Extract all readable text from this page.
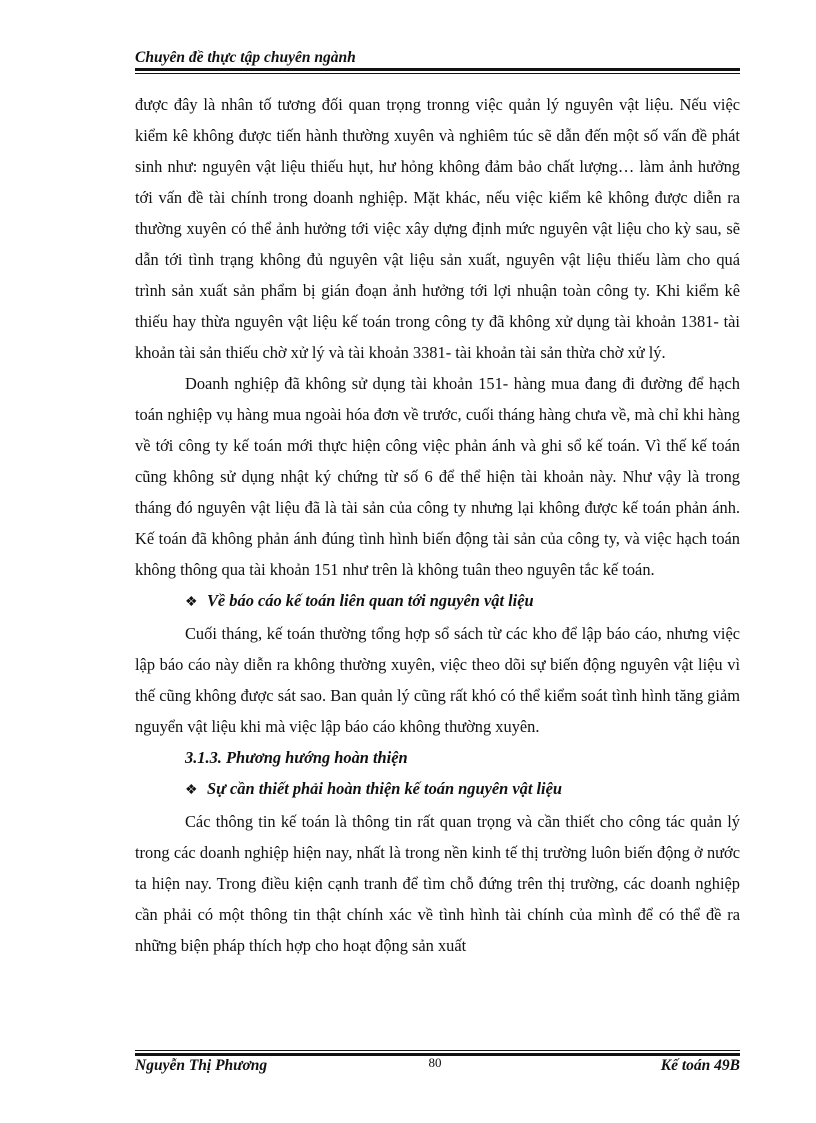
Chuyên đề thực tập chuyên ngành

được đây là nhân tố tương đối quan trọng tronng việc quản lý nguyên vật liệu. Nếu việc kiểm kê không được tiến hành thường xuyên và nghiêm túc sẽ dẫn đến một số vấn đề phát sinh như: nguyên vật liệu thiếu hụt, hư hỏng không đảm bảo chất lượng… làm ảnh hưởng tới vấn đề tài chính trong doanh nghiệp. Mặt khác, nếu việc kiểm kê không được diễn ra thường xuyên có thể ảnh hưởng tới việc xây dựng định mức nguyên vật liệu cho kỳ sau, sẽ dẫn tới tình trạng không đủ nguyên vật liệu sản xuất, nguyên vật liệu thiếu làm cho quá trình sản xuất sản phẩm bị gián đoạn ảnh hưởng tới lợi nhuận toàn công ty. Khi kiểm kê thiếu hay thừa nguyên vật liệu kế toán trong công ty đã không xử dụng tài khoản 1381- tài khoản tài sản thiếu chờ xử lý và tài khoản 3381- tài khoản tài sản thừa chờ xử lý.

Doanh nghiệp đã không sử dụng tài khoản 151- hàng mua đang đi đường để hạch toán nghiệp vụ hàng mua ngoài hóa đơn về trước, cuối tháng hàng chưa về, mà chỉ khi hàng về tới công ty kế toán mới thực hiện công việc phản ánh và ghi sổ kế toán. Vì thế kế toán cũng không sử dụng nhật ký chứng từ số 6 để thể hiện tài khoản này. Như vậy là trong tháng đó nguyên vật liệu đã là tài sản của công ty nhưng lại không được kế toán phản ánh. Kế toán đã không phản ánh đúng tình hình biến động tài sản của công ty, và việc hạch toán không thông qua tài khoản 151 như trên là không tuân theo nguyên tắc kế toán.

❖ Về báo cáo kế toán liên quan tới nguyên vật liệu

Cuối tháng, kế toán thường tổng hợp sổ sách từ các kho để lập báo cáo, nhưng việc lập báo cáo này diễn ra không thường xuyên, việc theo dõi sự biến động nguyên vật liệu vì thế cũng không được sát sao. Ban quản lý cũng rất khó có thể kiểm soát tình hình tăng giảm nguyển vật liệu khi mà việc lập báo cáo không thường xuyên.

3.1.3. Phương hướng hoàn thiện
❖ Sự cần thiết phải hoàn thiện kế toán nguyên vật liệu

Các thông tin kế toán là thông tin rất quan trọng và cần thiết cho công tác quản lý trong các doanh nghiệp hiện nay, nhất là trong nền kinh tế thị trường luôn biến động ở nước ta hiện nay. Trong điều kiện cạnh tranh để tìm chỗ đứng trên thị trường, các doanh nghiệp cần phải có một thông tin thật chính xác về tình hình tài chính của mình để có thể đề ra những biện pháp thích hợp cho hoạt động sản xuất

Nguyễn Thị Phương	80	Kế toán 49B
